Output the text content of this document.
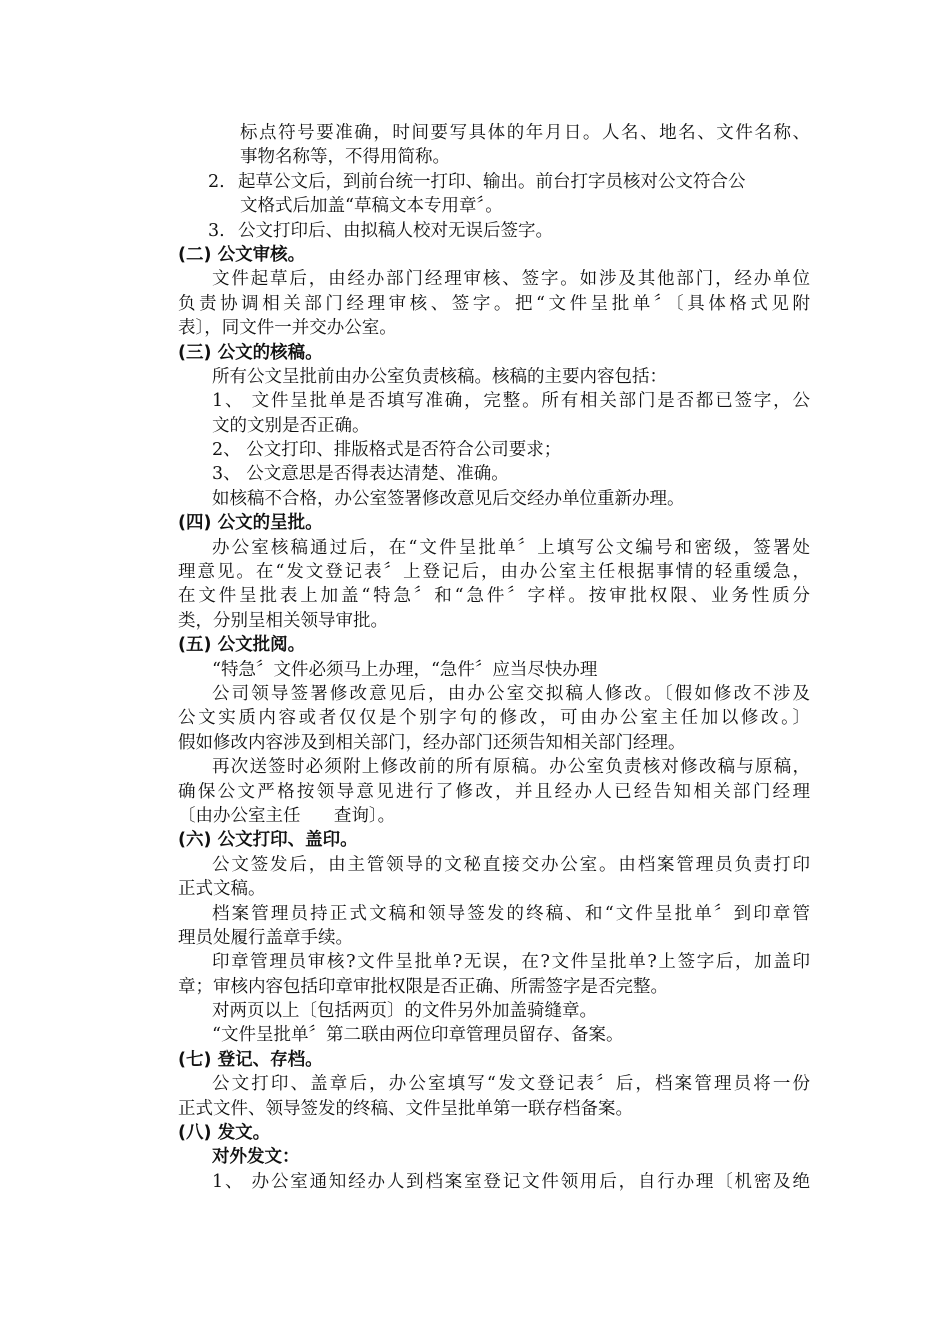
标点符号要准确，时间要写具体的年月日。人名、地名、文件名称、
事物名称等，不得用简称。
2. 起草公文后，到前台统一打印、输出。前台打字员核对公文符合公
文格式后加盖“草稿文本专用章〞。
3. 公文打印后、由拟稿人校对无误后签字。
(二) 公文审核。
文件起草后，由经办部门经理审核、签字。如涉及其他部门，经办单位
负责协调相关部门经理审核、签字。把“文件呈批单〞〔具体格式见附
表〕，同文件一并交办公室。
(三) 公文的核稿。
所有公文呈批前由办公室负责核稿。核稿的主要内容包括：
1、 文件呈批单是否填写准确，完整。所有相关部门是否都已签字，公
文的文别是否正确。
2、 公文打印、排版格式是否符合公司要求；
3、 公文意思是否得表达清楚、准确。
如核稿不合格，办公室签署修改意见后交经办单位重新办理。
(四) 公文的呈批。
办公室核稿通过后，在“文件呈批单〞上填写公文编号和密级，签署处
理意见。在“发文登记表〞上登记后，由办公室主任根据事情的轻重缓急，
在文件呈批表上加盖“特急〞和“急件〞字样。按审批权限、业务性质分
类，分别呈相关领导审批。
(五) 公文批阅。
“特急〞文件必须马上办理，“急件〞应当尽快办理
公司领导签署修改意见后，由办公室交拟稿人修改。〔假如修改不涉及
公文实质内容或者仅仅是个别字句的修改，可由办公室主任加以修改。〕
假如修改内容涉及到相关部门，经办部门还须告知相关部门经理。
再次送签时必须附上修改前的所有原稿。办公室负责核对修改稿与原稿，
确保公文严格按领导意见进行了修改，并且经办人已经告知相关部门经理
〔由办公室主任      查询〕。
(六) 公文打印、盖印。
公文签发后，由主管领导的文秘直接交办公室。由档案管理员负责打印
正式文稿。
档案管理员持正式文稿和领导签发的终稿、和“文件呈批单〞到印章管
理员处履行盖章手续。
印章管理员审核?文件呈批单?无误，在?文件呈批单?上签字后，加盖印
章；审核内容包括印章审批权限是否正确、所需签字是否完整。
对两页以上〔包括两页〕的文件另外加盖骑缝章。
“文件呈批单〞第二联由两位印章管理员留存、备案。
(七) 登记、存档。
公文打印、盖章后，办公室填写“发文登记表〞后，档案管理员将一份
正式文件、领导签发的终稿、文件呈批单第一联存档备案。
(八) 发文。
对外发文：
1、 办公室通知经办人到档案室登记文件领用后，自行办理〔机密及绝
